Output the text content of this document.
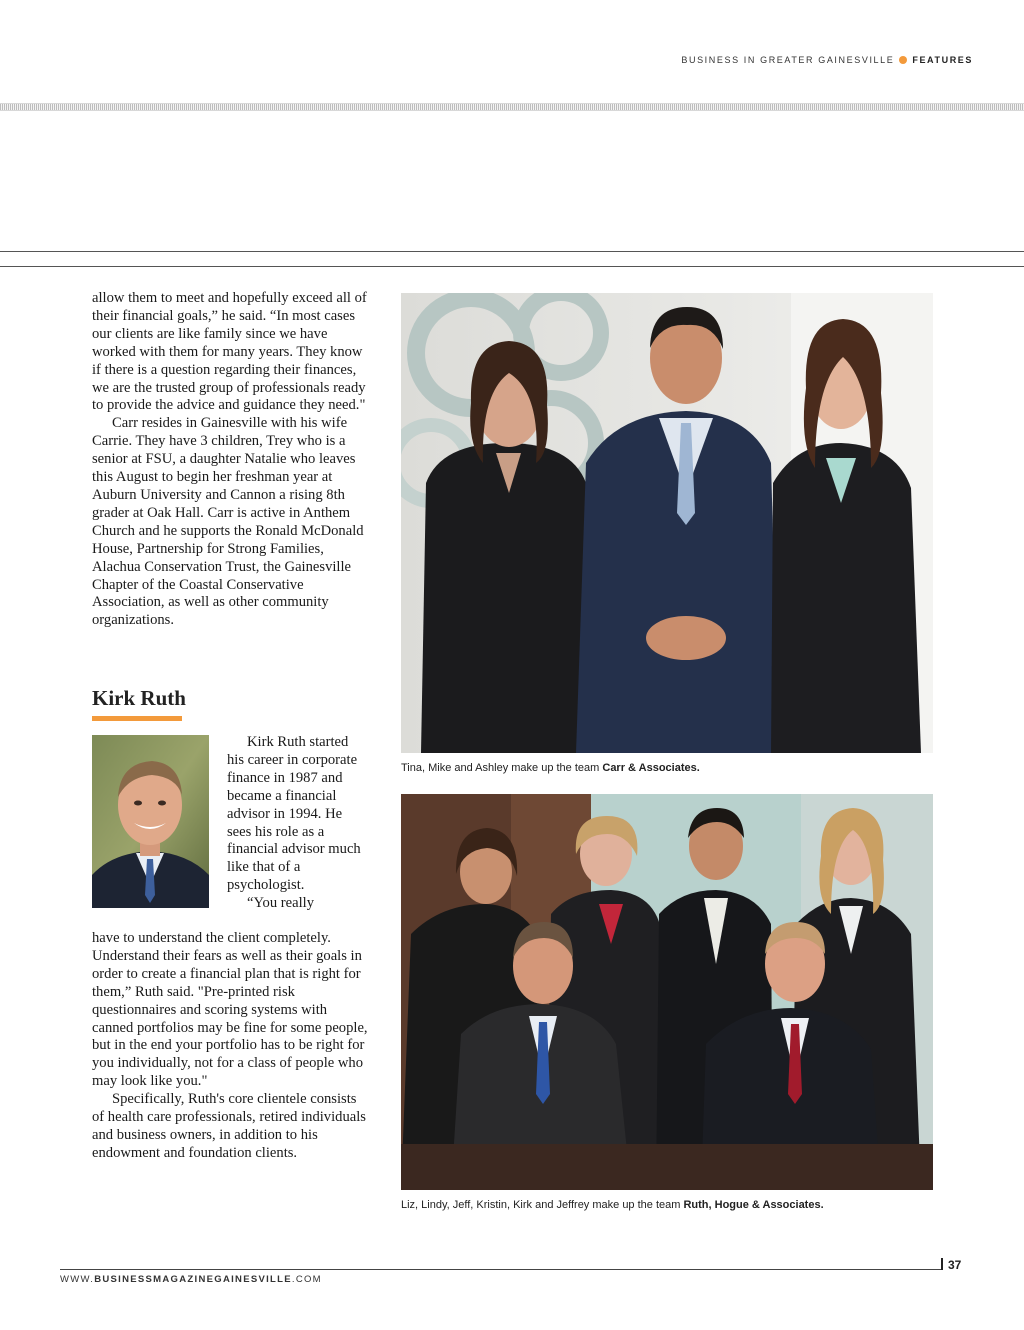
BUSINESS IN GREATER GAINESVILLE FEATURES

allow them to meet and hopefully exceed all of their financial goals,” he said. “In most cases our clients are like family since we have worked with them for many years. They know if there is a question regarding their finances, we are the trusted group of professionals ready to provide the advice and guidance they need."

Carr resides in Gainesville with his wife Carrie. They have 3 children, Trey who is a senior at FSU, a daughter Natalie who leaves this August to begin her freshman year at Auburn University and Cannon a rising 8th grader at Oak Hall. Carr is active in Anthem Church and he supports the Ronald McDonald House, Partnership for Strong Families, Alachua Conservation Trust, the Gainesville Chapter of the Coastal Conservative Association, as well as other community organizations.

Kirk Ruth

Kirk Ruth started his career in corporate finance in 1987 and became a financial advisor in 1994. He sees his role as a financial advisor much like that of a psychologist.

“You really

have to understand the client completely. Understand their fears as well as their goals in order to create a financial plan that is right for them,” Ruth said. "Pre-printed risk questionnaires and scoring systems with canned portfolios may be fine for some people, but in the end your portfolio has to be right for you individually, not for a class of people who may look like you."

Specifically, Ruth's core clientele consists of health care professionals, retired individuals and business owners, in addition to his endowment and foundation clients.

Tina, Mike and Ashley make up the team Carr & Associates.
Liz, Lindy, Jeff, Kristin, Kirk and Jeffrey make up the team Ruth, Hogue & Associates.
37
WWW.BUSINESSMAGAZINEGAINESVILLE.COM
